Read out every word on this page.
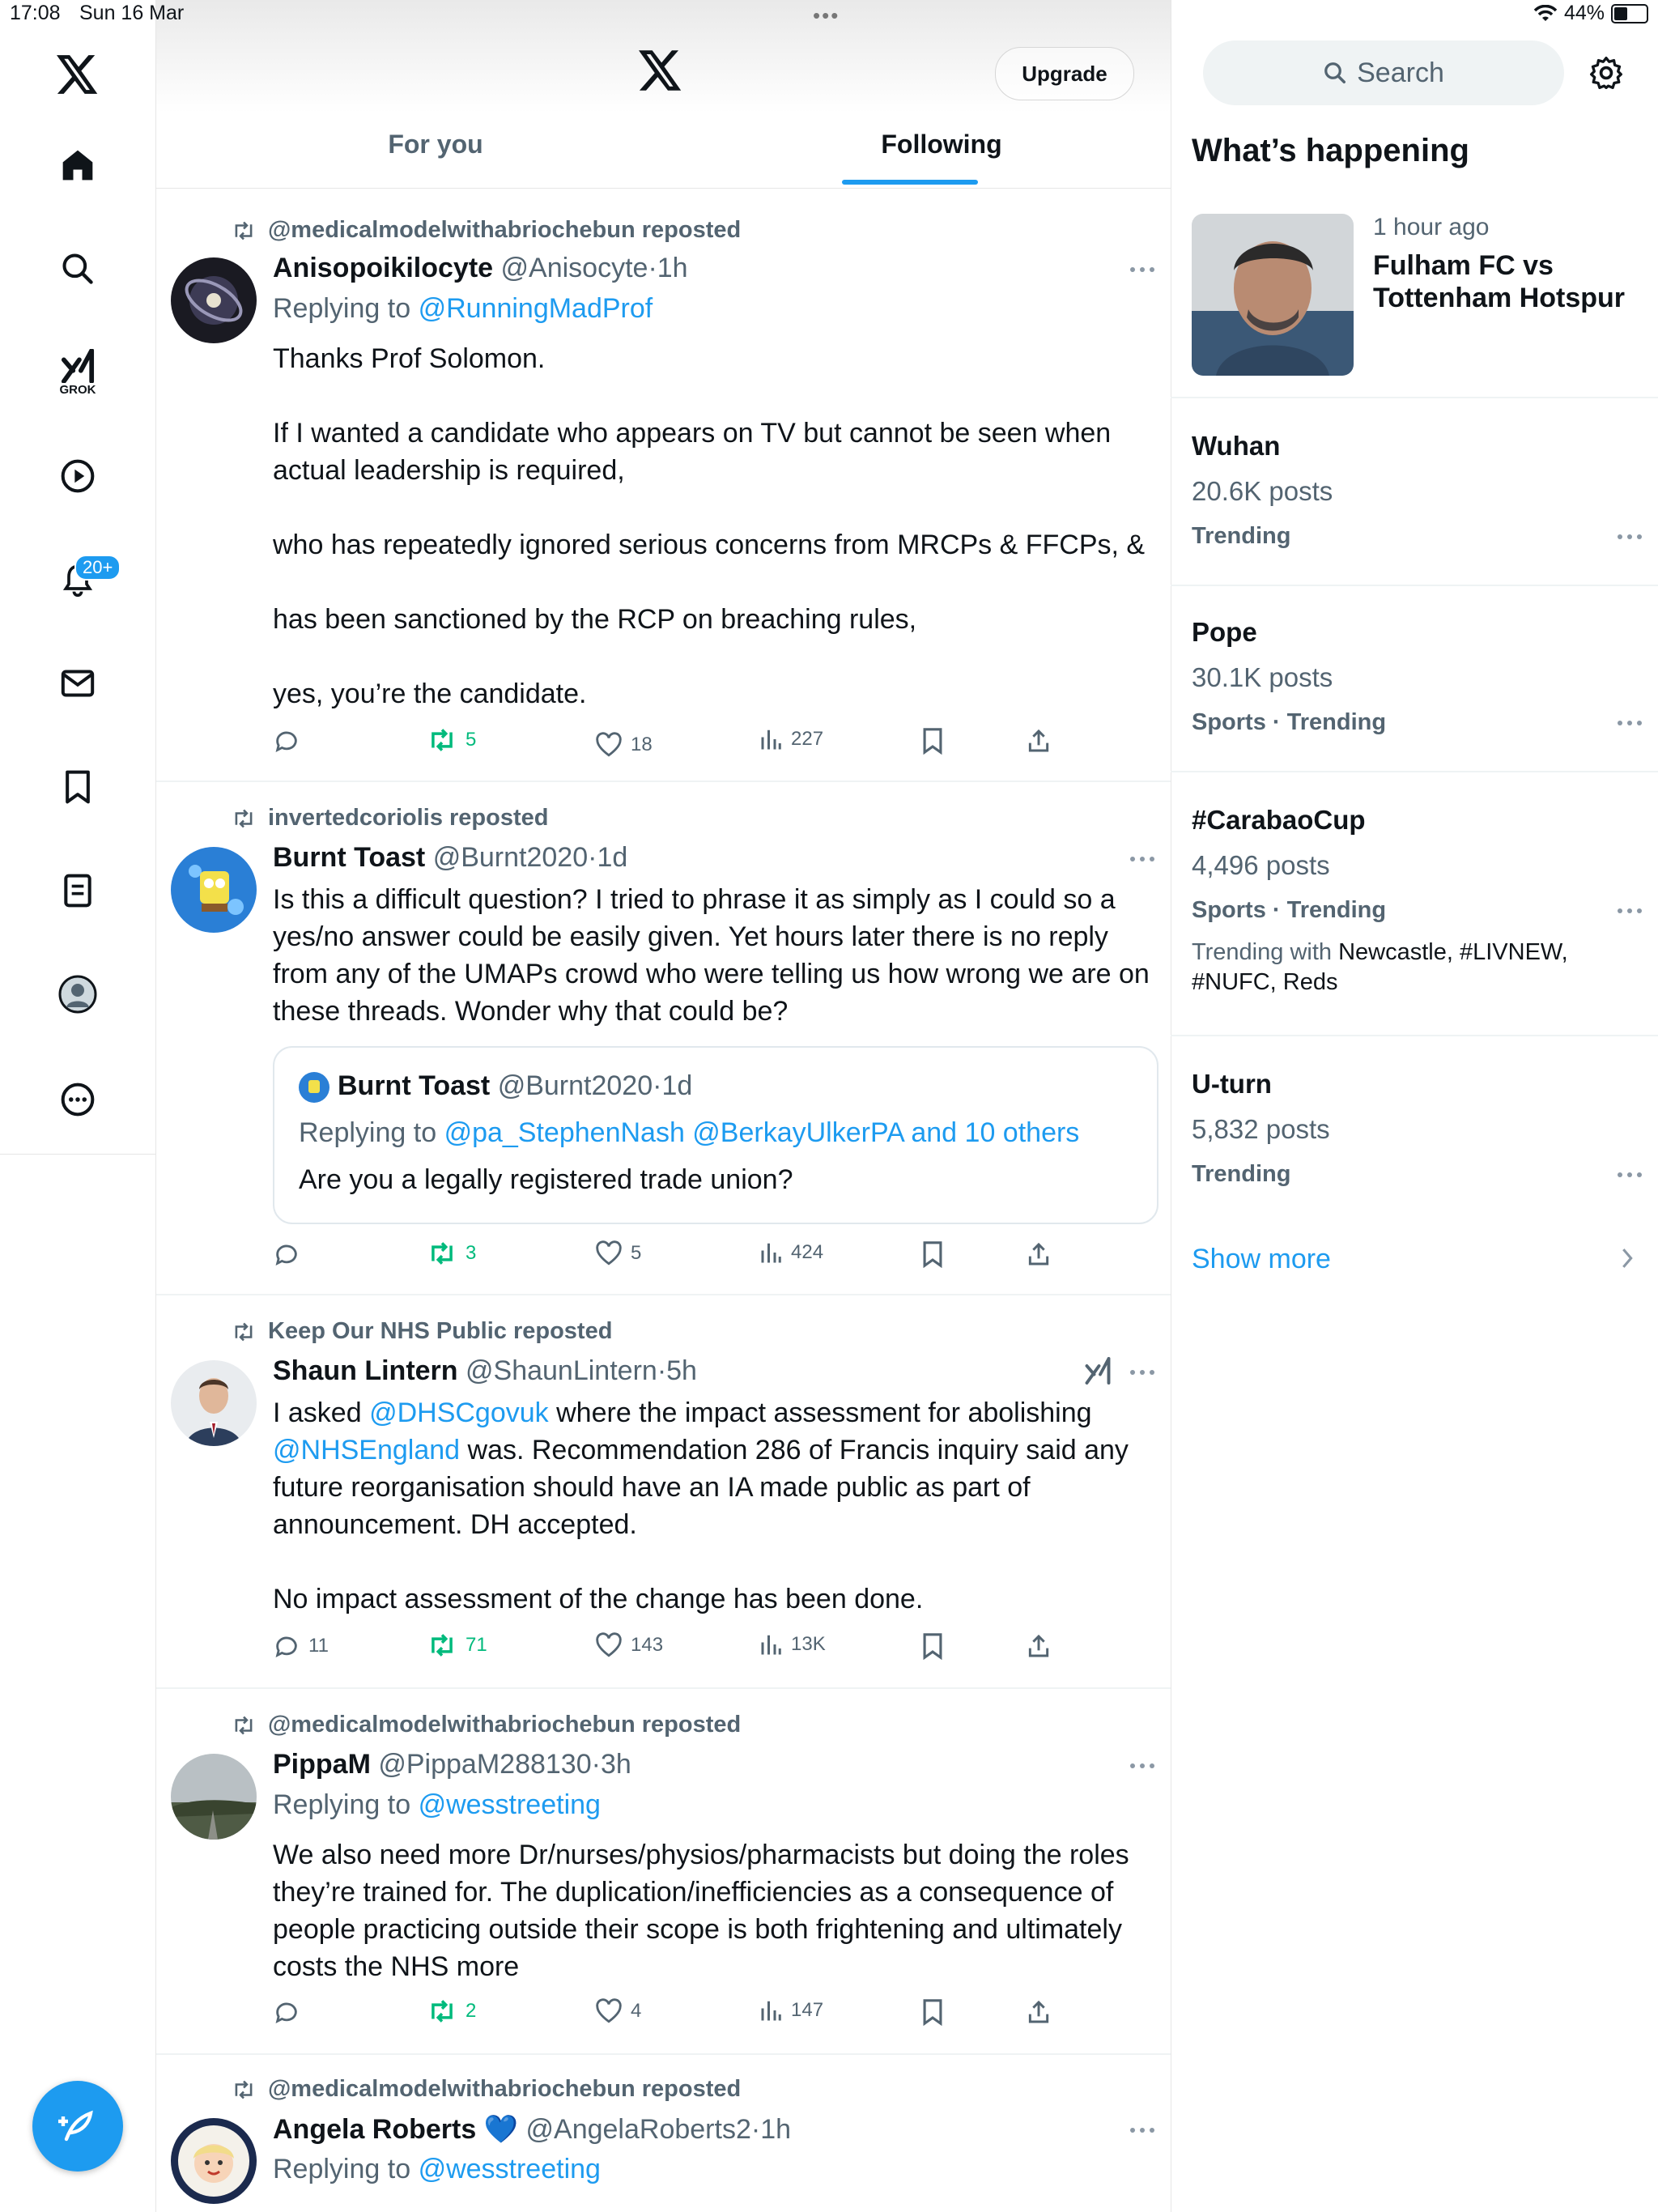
17:08 Sun 16 Mar	•••	44%
GROK
20+
Upgrade
For you	Following
@medicalmodelwithabriochebun reposted
Anisopoikilocyte @Anisocyte·1h
Replying to @RunningMadProf
Thanks Prof Solomon.

If I wanted a candidate who appears on TV but cannot be seen when actual leadership is required,

who has repeatedly ignored serious concerns from MRCPs & FFCPs, &

has been sanctioned by the RCP on breaching rules,

yes, you’re the candidate.
5	18	227
invertedcoriolis reposted
Burnt Toast @Burnt2020·1d
Is this a difficult question? I tried to phrase it as simply as I could so a yes/no answer could be easily given. Yet hours later there is no reply from any of the UMAPs crowd who were telling us how wrong we are on these threads. Wonder why that could be?
Burnt Toast @Burnt2020·1d
Replying to @pa_StephenNash @BerkayUlkerPA and 10 others
Are you a legally registered trade union?
3	5	424
Keep Our NHS Public reposted
Shaun Lintern @ShaunLintern·5h
I asked @DHSCgovuk where the impact assessment for abolishing @NHSEngland was. Recommendation 286 of Francis inquiry said any future reorganisation should have an IA made public as part of announcement. DH accepted.

No impact assessment of the change has been done.
11	71	143	13K
@medicalmodelwithabriochebun reposted
PippaM @PippaM288130·3h
Replying to @wesstreeting
We also need more Dr/nurses/physios/pharmacists but doing the roles they’re trained for. The duplication/inefficiencies as a consequence of people practicing outside their scope is both frightening and ultimately costs the NHS more
2	4	147
@medicalmodelwithabriochebun reposted
Angela Roberts 💙 @AngelaRoberts2·1h
Replying to @wesstreeting
Search
What’s happening
1 hour ago
Fulham FC vs Tottenham Hotspur
Wuhan
20.6K posts
Trending
Pope
30.1K posts
Sports · Trending
#CarabaoCup
4,496 posts
Sports · Trending
Trending with Newcastle, #LIVNEW, #NUFC, Reds
U-turn
5,832 posts
Trending
Show more
